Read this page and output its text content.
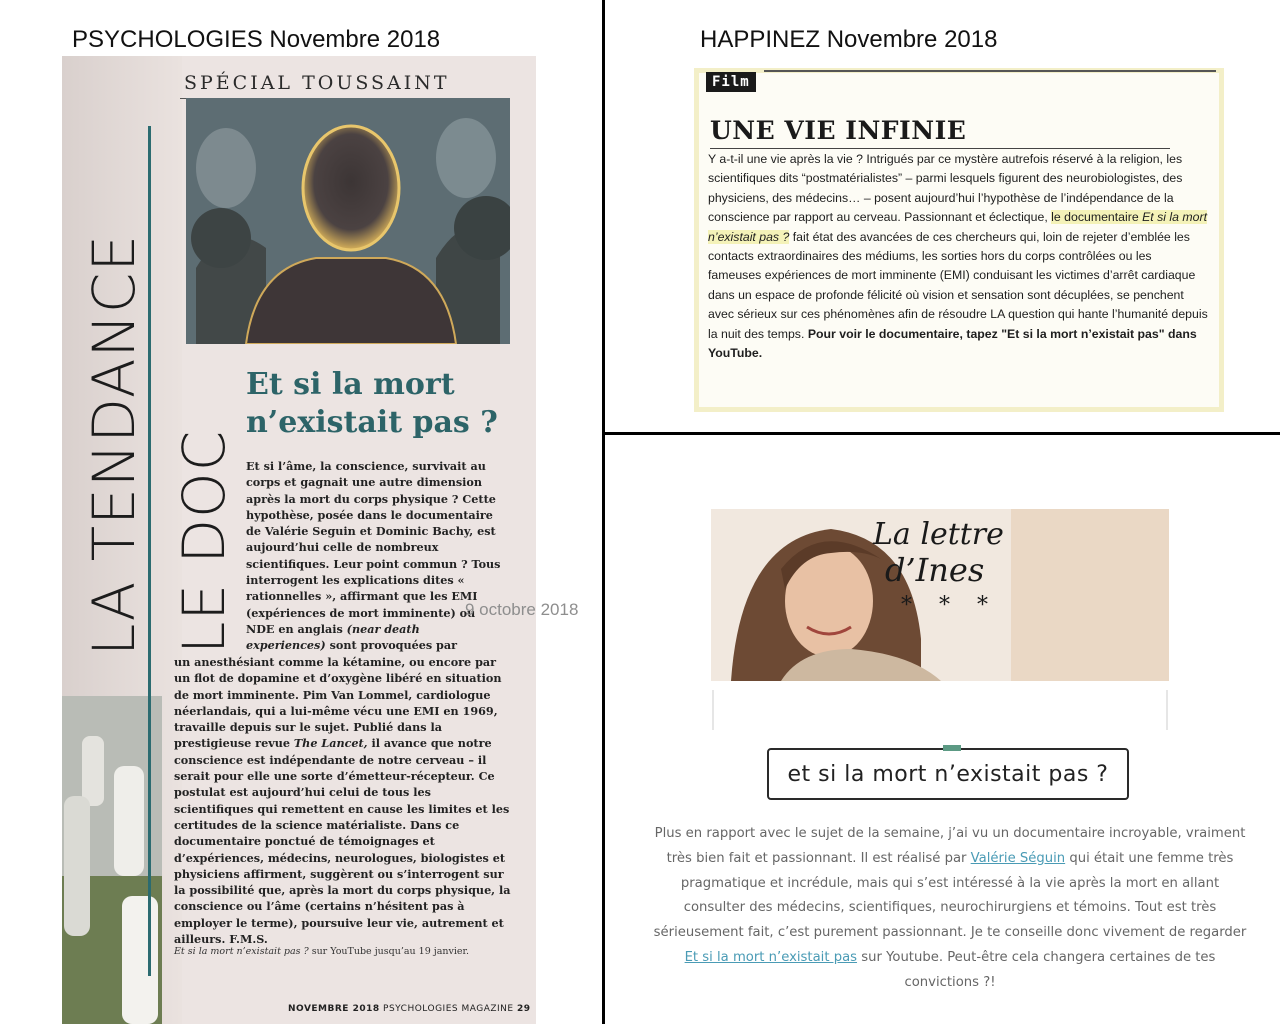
PSYCHOLOGIES Novembre 2018	HAPPINEZ Novembre 2018
SPÉCIAL TOUSSAINT
LA TENDANCE LE DOC
Et si la mort n’existait pas ?
Et si l’âme, la conscience, survivait au corps et gagnait une autre dimension après la mort du corps physique ? Cette hypothèse, posée dans le documentaire de Valérie Seguin et Dominic Bachy, est aujourd’hui celle de nombreux scientifiques. Leur point commun ? Tous interrogent les explications dites « rationnelles », affirmant que les EMI (expériences de mort imminente) ou NDE en anglais (near death experiences) sont provoquées par
un anesthésiant comme la kétamine, ou encore par un flot de dopamine et d’oxygène libéré en situation de mort imminente. Pim Van Lommel, cardiologue néerlandais, qui a lui-même vécu une EMI en 1969, travaille depuis sur le sujet. Publié dans la prestigieuse revue The Lancet, il avance que notre conscience est indépendante de notre cerveau – il serait pour elle une sorte d’émetteur-récepteur. Ce postulat est aujourd’hui celui de tous les scientifiques qui remettent en cause les limites et les certitudes de la science matérialiste. Dans ce documentaire ponctué de témoignages et d’expériences, médecins, neurologues, biologistes et physiciens affirment, suggèrent ou s’interrogent sur la possibilité que, après la mort du corps physique, la conscience ou l’âme (certains n’hésitent pas à employer le terme), poursuive leur vie, autrement et ailleurs. F.M.S.
Et si la mort n’existait pas ? sur YouTube jusqu’au 19 janvier.
NOVEMBRE 2018 PSYCHOLOGIES MAGAZINE 29
9 octobre 2018
Film
UNE VIE INFINIE
Y a-t-il une vie après la vie ? Intrigués par ce mystère autrefois réservé à la religion, les scientifiques dits “postmatérialistes” – parmi lesquels figurent des neurobiologistes, des physiciens, des médecins… – posent aujourd’hui l’hypothèse de l’indépendance de la conscience par rapport au cerveau. Passionnant et éclectique, le documentaire Et si la mort n’existait pas ? fait état des avancées de ces chercheurs qui, loin de rejeter d’emblée les contacts extraordinaires des médiums, les sorties hors du corps contrôlées ou les fameuses expériences de mort imminente (EMI) conduisant les victimes d’arrêt cardiaque dans un espace de profonde félicité où vision et sensation sont décuplées, se penchent avec sérieux sur ces phénomènes afin de résoudre LA question qui hante l’humanité depuis la nuit des temps. Pour voir le documentaire, tapez "Et si la mort n’existait pas" dans YouTube.
La lettre
d’Ines
* * *
et si la mort n’existait pas ?
Plus en rapport avec le sujet de la semaine, j’ai vu un documentaire incroyable, vraiment très bien fait et passionnant. Il est réalisé par Valérie Séguin qui était une femme très pragmatique et incrédule, mais qui s’est intéressé à la vie après la mort en allant consulter des médecins, scientifiques, neurochirurgiens et témoins. Tout est très sérieusement fait, c’est purement passionnant. Je te conseille donc vivement de regarder Et si la mort n’existait pas sur Youtube. Peut-être cela changera certaines de tes convictions ?!
